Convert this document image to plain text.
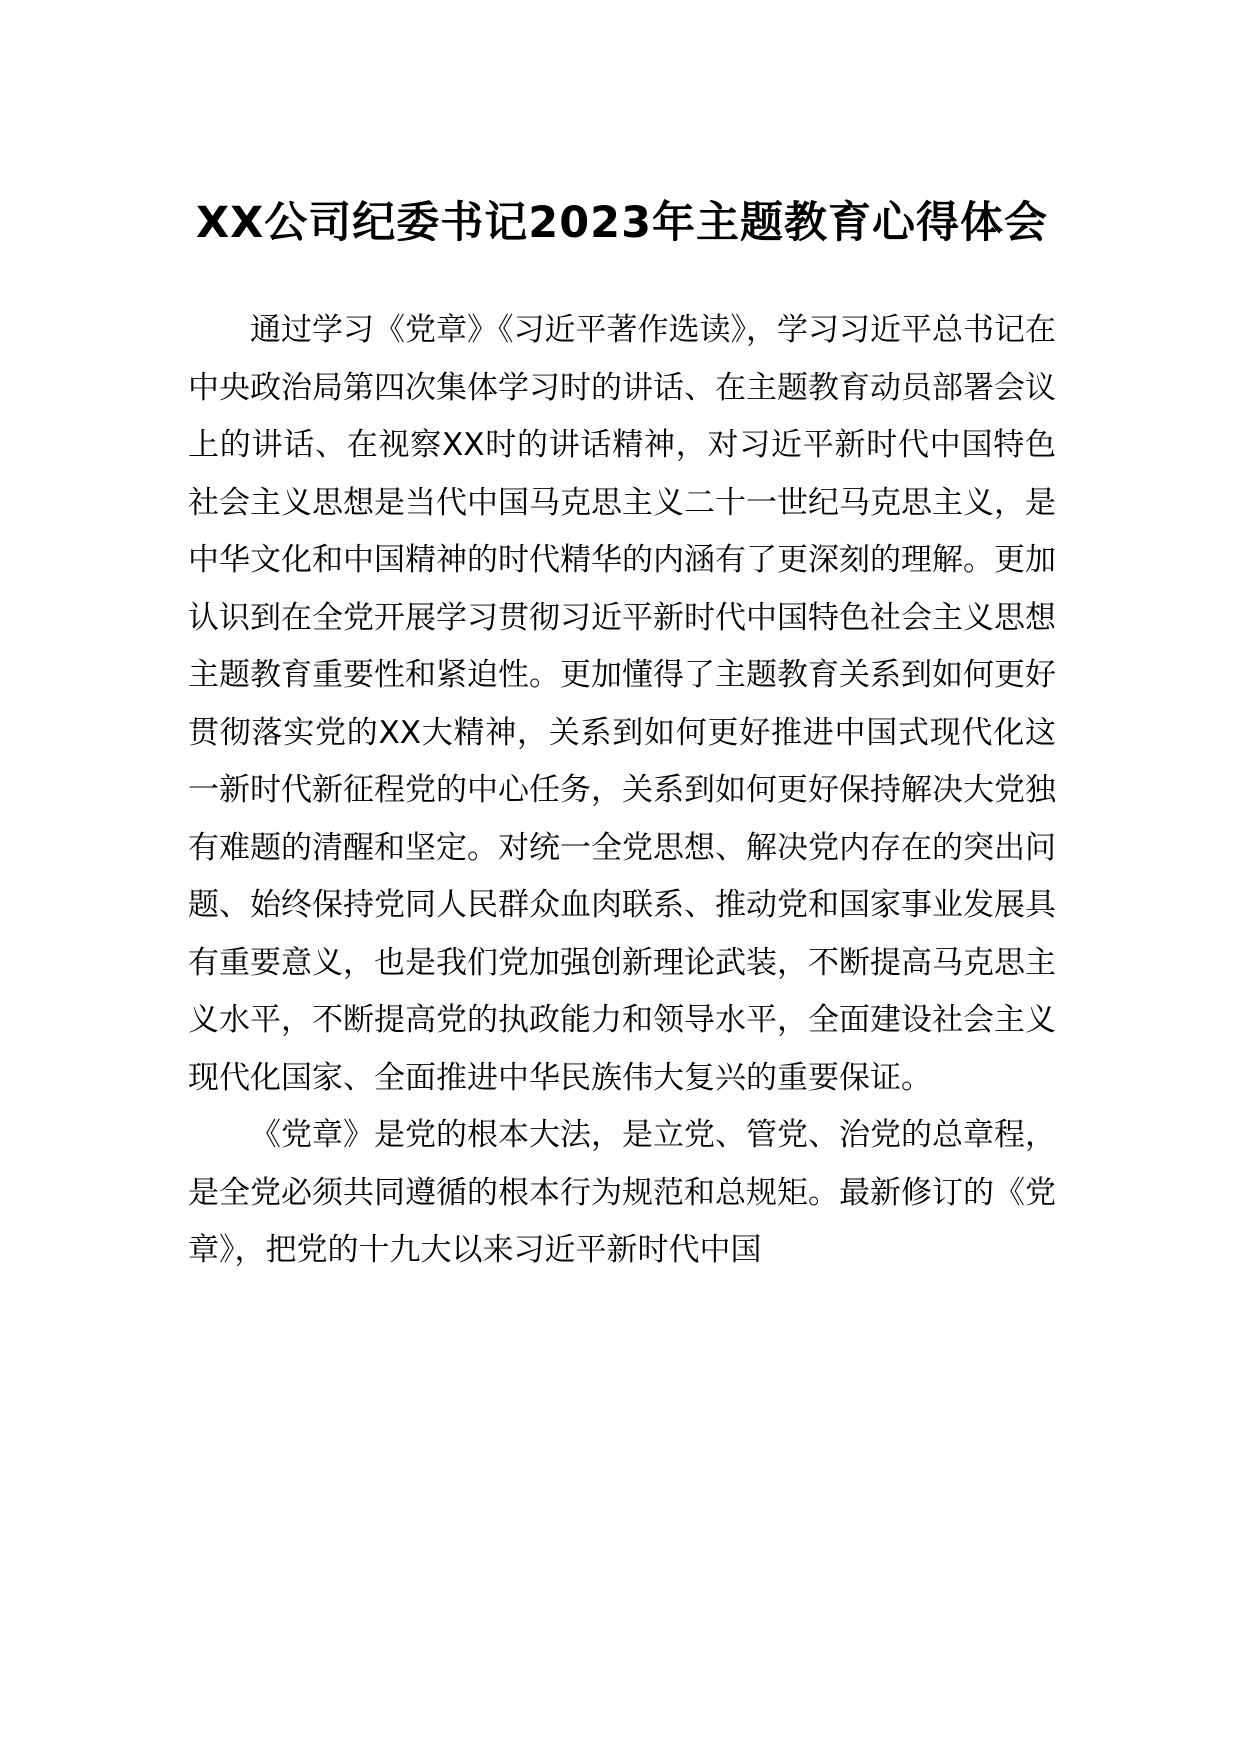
XX公司纪委书记2023年主题教育心得体会

通过学习《党章》《习近平著作选读》，学习习近平总书记在中央政治局第四次集体学习时的讲话、在主题教育动员部署会议上的讲话、在视察XX时的讲话精神，对习近平新时代中国特色社会主义思想是当代中国马克思主义二十一世纪马克思主义，是中华文化和中国精神的时代精华的内涵有了更深刻的理解。更加认识到在全党开展学习贯彻习近平新时代中国特色社会主义思想主题教育重要性和紧迫性。更加懂得了主题教育关系到如何更好贯彻落实党的XX大精神，关系到如何更好推进中国式现代化这一新时代新征程党的中心任务，关系到如何更好保持解决大党独有难题的清醒和坚定。对统一全党思想、解决党内存在的突出问题、始终保持党同人民群众血肉联系、推动党和国家事业发展具有重要意义，也是我们党加强创新理论武装，不断提高马克思主义水平，不断提高党的执政能力和领导水平，全面建设社会主义现代化国家、全面推进中华民族伟大复兴的重要保证。

《党章》是党的根本大法，是立党、管党、治党的总章程，是全党必须共同遵循的根本行为规范和总规矩。最新修订的《党章》，把党的十九大以来习近平新时代中国
